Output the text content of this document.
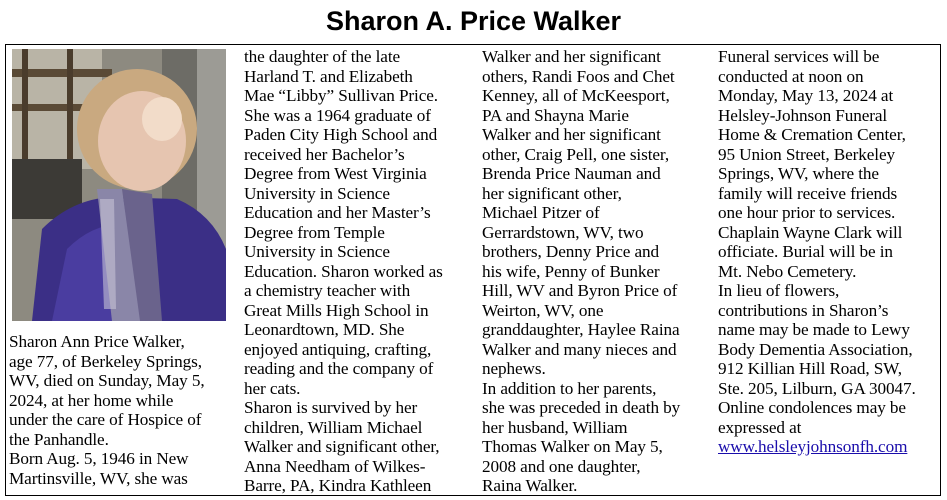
Sharon A. Price Walker
Sharon Ann Price Walker,
age 77, of Berkeley Springs,
WV, died on Sunday, May 5,
2024, at her home while
under the care of Hospice of
the Panhandle.
Born Aug. 5, 1946 in New
Martinsville, WV, she was
the daughter of the late
Harland T. and Elizabeth
Mae “Libby” Sullivan Price.
She was a 1964 graduate of
Paden City High School and
received her Bachelor’s
Degree from West Virginia
University in Science
Education and her Master’s
Degree from Temple
University in Science
Education. Sharon worked as
a chemistry teacher with
Great Mills High School in
Leonardtown, MD. She
enjoyed antiquing, crafting,
reading and the company of
her cats.
Sharon is survived by her
children, William Michael
Walker and significant other,
Anna Needham of Wilkes-
Barre, PA, Kindra Kathleen
Walker and her significant
others, Randi Foos and Chet
Kenney, all of McKeesport,
PA and Shayna Marie
Walker and her significant
other, Craig Pell, one sister,
Brenda Price Nauman and
her significant other,
Michael Pitzer of
Gerrardstown, WV, two
brothers, Denny Price and
his wife, Penny of Bunker
Hill, WV and Byron Price of
Weirton, WV, one
granddaughter, Haylee Raina
Walker and many nieces and
nephews.
In addition to her parents,
she was preceded in death by
her husband, William
Thomas Walker on May 5,
2008 and one daughter,
Raina Walker.
Funeral services will be
conducted at noon on
Monday, May 13, 2024 at
Helsley-Johnson Funeral
Home & Cremation Center,
95 Union Street, Berkeley
Springs, WV, where the
family will receive friends
one hour prior to services.
Chaplain Wayne Clark will
officiate. Burial will be in
Mt. Nebo Cemetery.
In lieu of flowers,
contributions in Sharon’s
name may be made to Lewy
Body Dementia Association,
912 Killian Hill Road, SW,
Ste. 205, Lilburn, GA 30047.
Online condolences may be
expressed at
www.helsleyjohnsonfh.com
